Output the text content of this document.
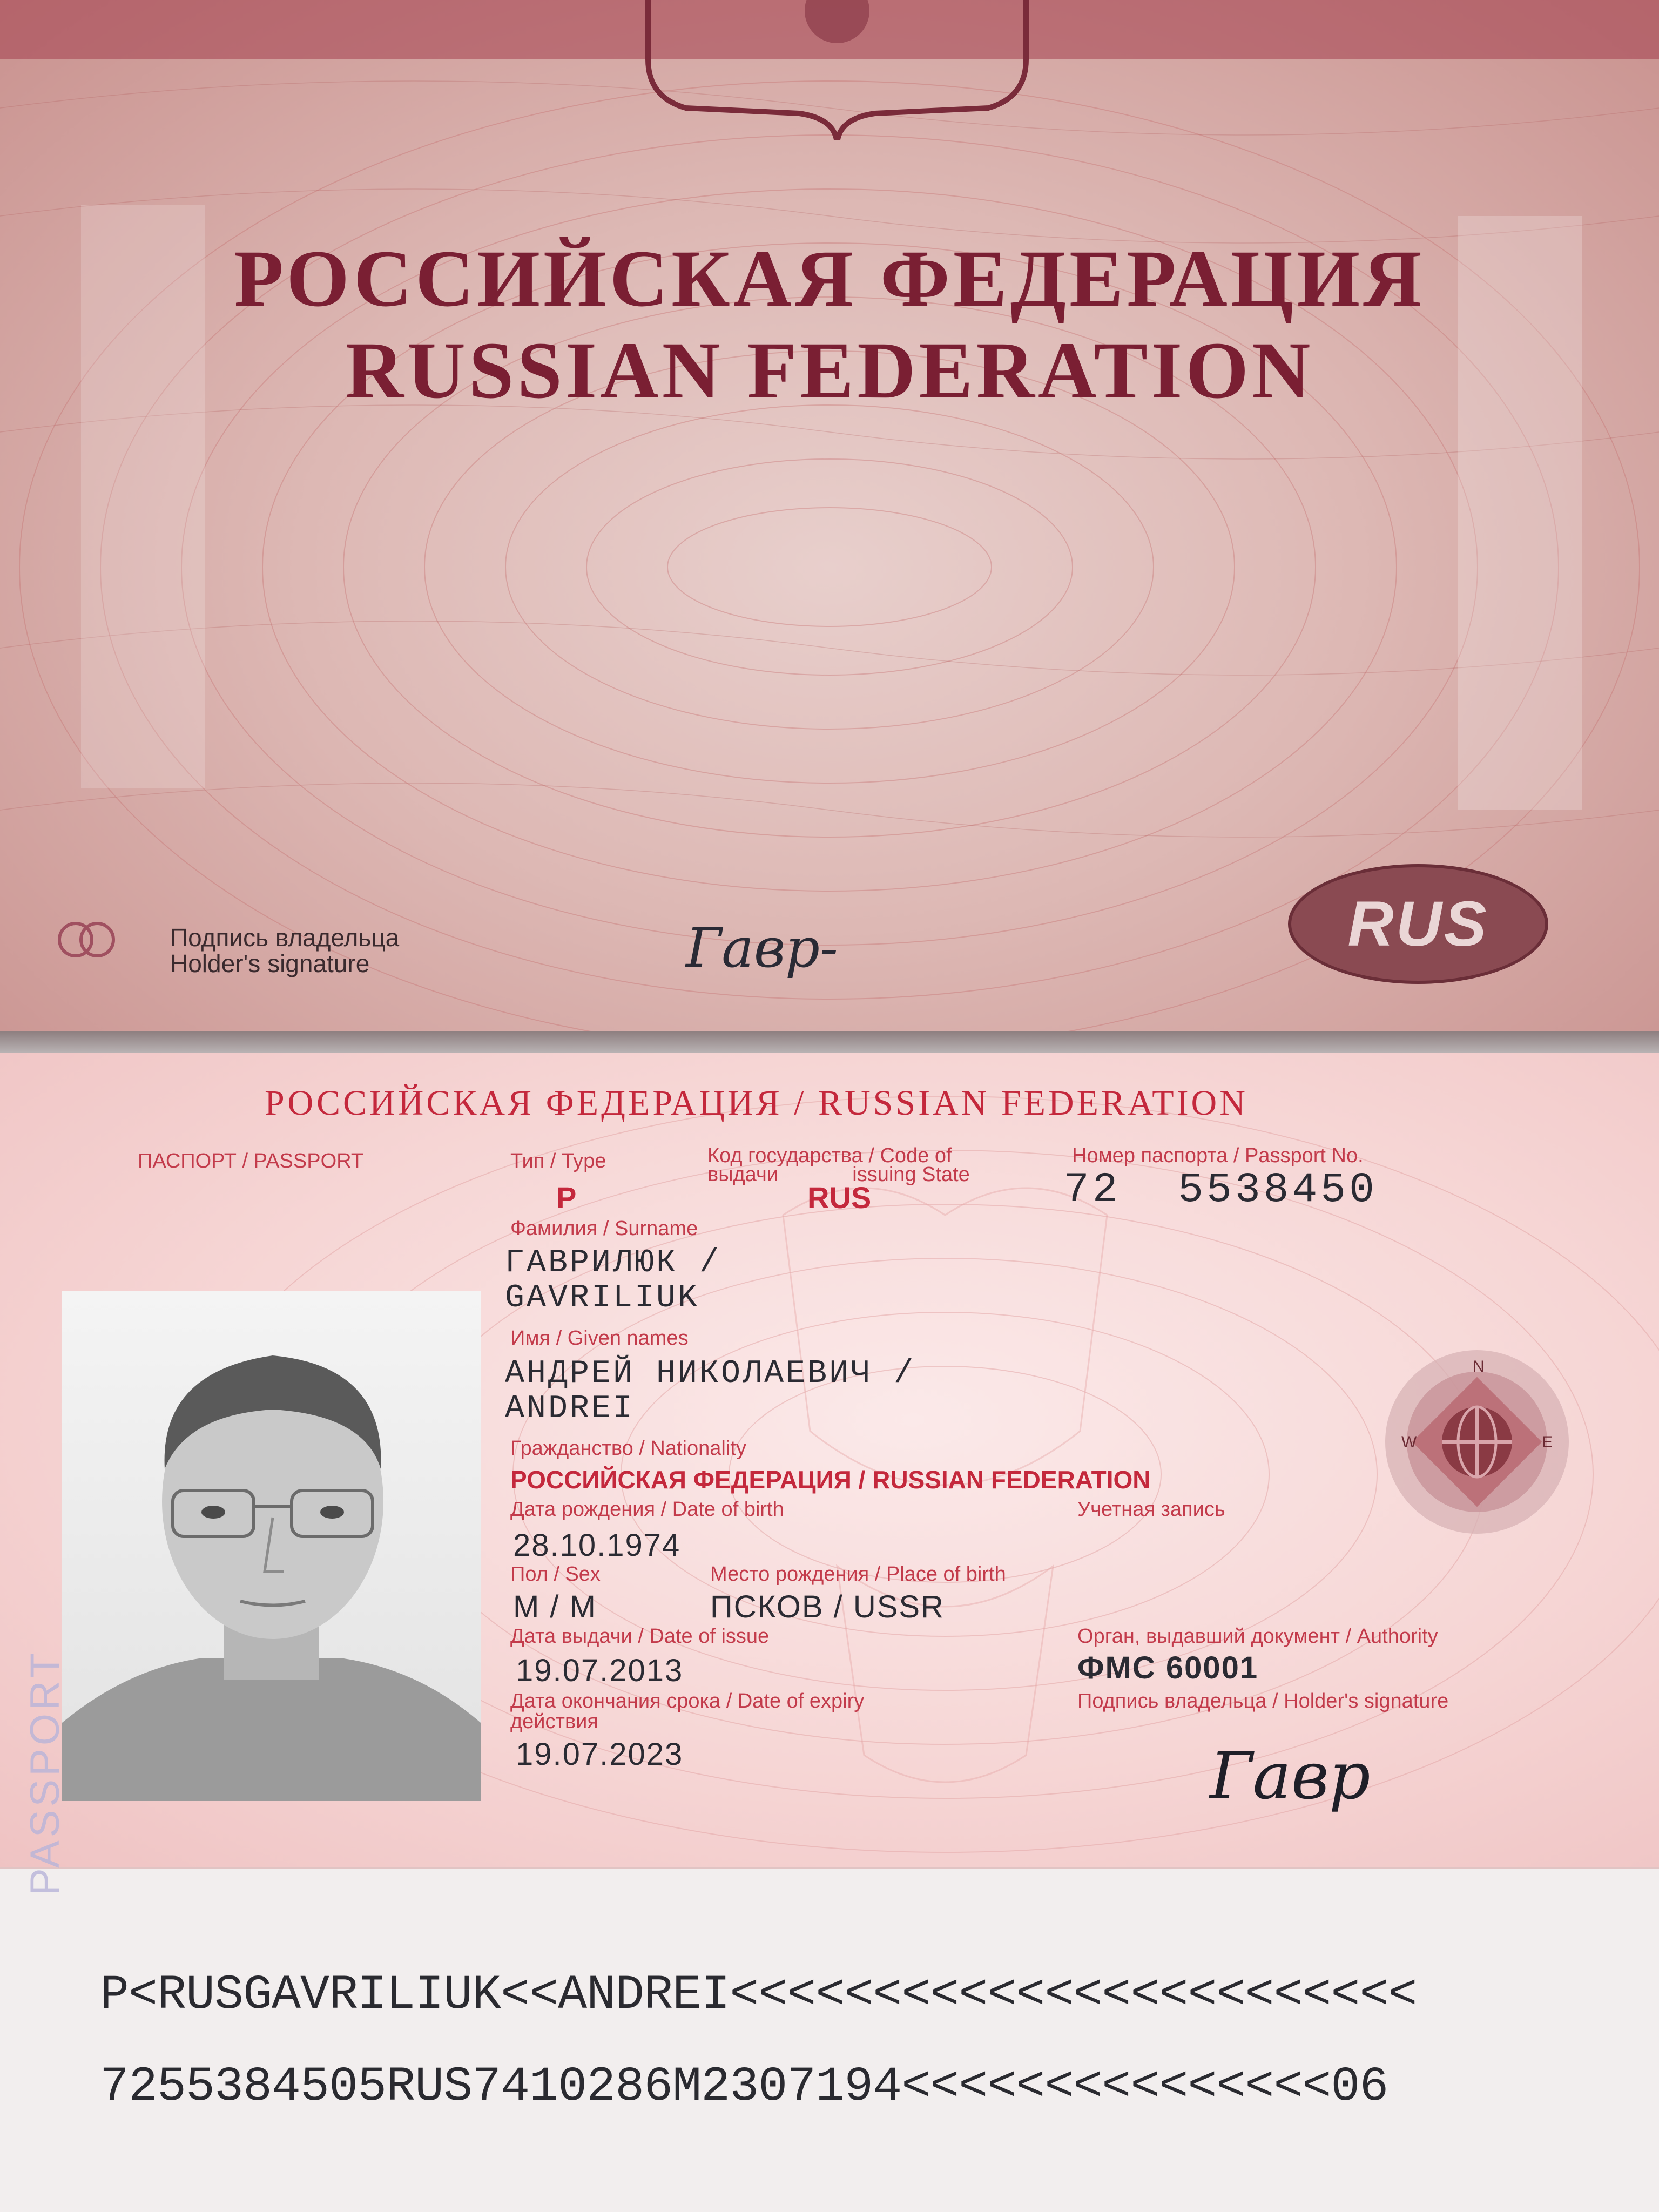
РОССИЙСКАЯ ФЕДЕРАЦИЯ
RUSSIAN FEDERATION
Подпись владельца
Holder's signature	Гавр-	RUS
РОССИЙСКАЯ ФЕДЕРАЦИЯ / RUSSIAN FEDERATION
ПАСПОРТ / PASSPORT	Тип / Type
P
Код государства / Code of
выдачи             issuing State
RUS
Номер паспорта / Passport No.
72  5538450
Фамилия / Surname
ГАВРИЛЮК /
GAVRILIUK
Имя / Given names
АНДРЕЙ НИКОЛАЕВИЧ /
ANDREI
Гражданство / Nationality
РОССИЙСКАЯ ФЕДЕРАЦИЯ / RUSSIAN FEDERATION
Дата рождения / Date of birth
28.10.1974
Учетная запись
Пол / Sex
М / M
Место рождения / Place of birth
ПСКОВ / USSR
Дата выдачи / Date of issue
19.07.2013
Орган, выдавший документ / Authority
ФМС 60001
Дата окончания срока / Date of expiry
действия
19.07.2023
Подпись владельца / Holder's signature
Гавр
PASSPORT
N
W	E
P<RUSGAVRILIUK<<ANDREI<<<<<<<<<<<<<<<<<<<<<<<<
7255384505RUS7410286M2307194<<<<<<<<<<<<<<<06
